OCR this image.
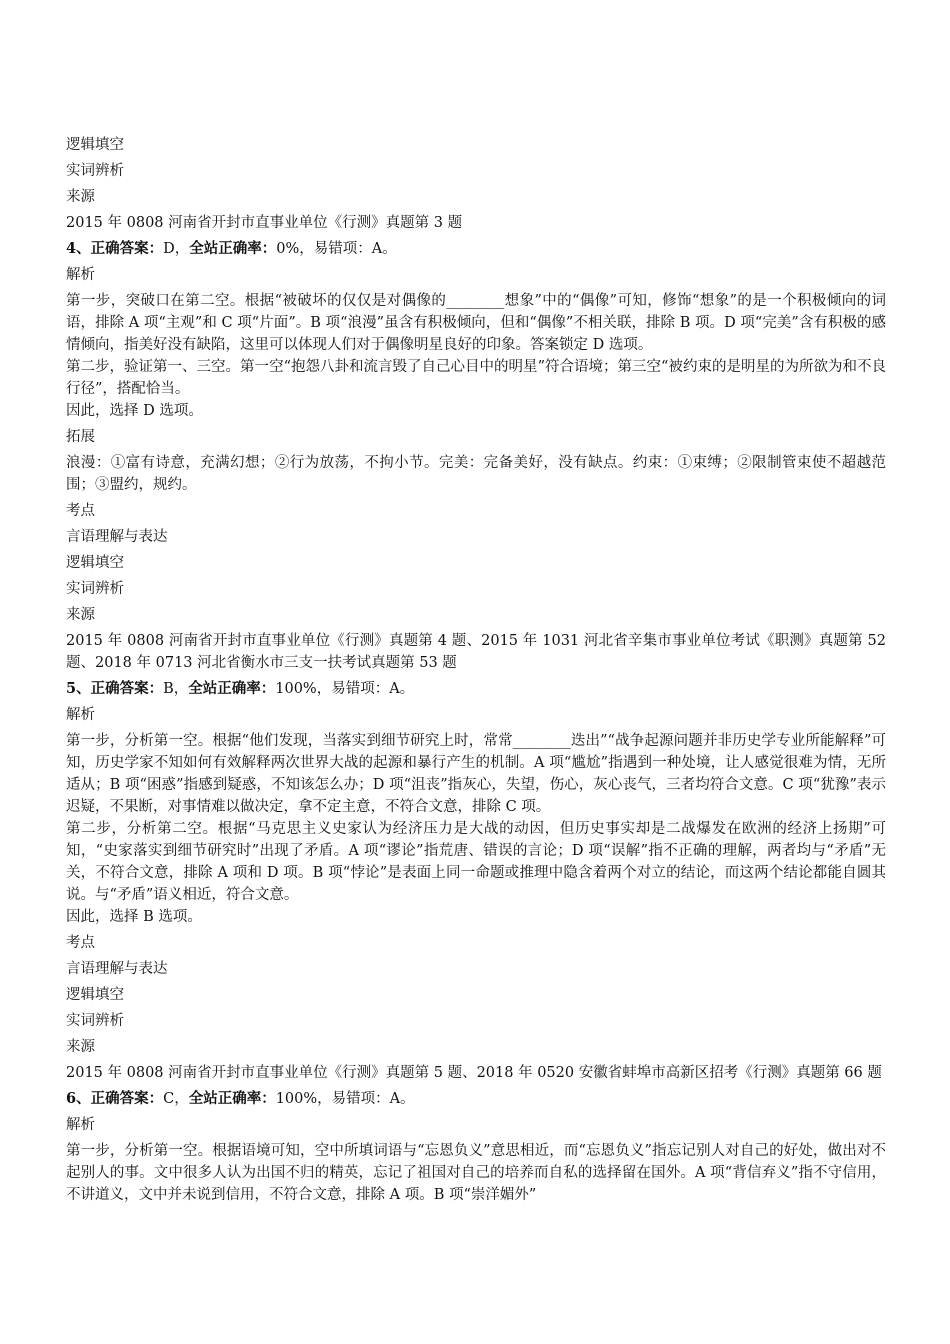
逻辑填空
实词辨析
来源
2015 年 0808 河南省开封市直事业单位《行测》真题第 3 题
4、正确答案：D，全站正确率：0%，易错项：A。
解析

第一步，突破口在第二空。根据“被破坏的仅仅是对偶像的________想象”中的“偶像”可知，修饰“想象”的是一个积极倾向的词语，排除 A 项“主观”和 C 项“片面”。B 项“浪漫”虽含有积极倾向，但和“偶像”不相关联，排除 B 项。D 项“完美”含有积极的感情倾向，指美好没有缺陷，这里可以体现人们对于偶像明星良好的印象。答案锁定 D 选项。

第二步，验证第一、三空。第一空“抱怨八卦和流言毁了自己心目中的明星”符合语境；第三空“被约束的是明星的为所欲为和不良行径”，搭配恰当。

因此，选择 D 选项。

拓展
浪漫：①富有诗意，充满幻想；②行为放荡，不拘小节。完美：完备美好，没有缺点。约束：①束缚；②限制管束使不超越范围；③盟约，规约。
考点
言语理解与表达
逻辑填空
实词辨析
来源
2015 年 0808 河南省开封市直事业单位《行测》真题第 4 题、2015 年 1031 河北省辛集市事业单位考试《职测》真题第 52 题、2018 年 0713 河北省衡水市三支一扶考试真题第 53 题
5、正确答案：B，全站正确率：100%，易错项：A。
解析

第一步，分析第一空。根据“他们发现，当落实到细节研究上时，常常________迭出”“战争起源问题并非历史学专业所能解释”可知，历史学家不知如何有效解释两次世界大战的起源和暴行产生的机制。A 项“尴尬”指遇到一种处境，让人感觉很难为情，无所适从；B 项“困惑”指感到疑惑，不知该怎么办；D 项“沮丧”指灰心，失望，伤心，灰心丧气，三者均符合文意。C 项“犹豫”表示迟疑，不果断，对事情难以做决定，拿不定主意，不符合文意，排除 C 项。

第二步，分析第二空。根据“马克思主义史家认为经济压力是大战的动因，但历史事实却是二战爆发在欧洲的经济上扬期”可知，“史家落实到细节研究时”出现了矛盾。A 项“谬论”指荒唐、错误的言论；D 项“误解”指不正确的理解，两者均与“矛盾”无关，不符合文意，排除 A 项和 D 项。B 项“悖论”是表面上同一命题或推理中隐含着两个对立的结论，而这两个结论都能自圆其说。与“矛盾”语义相近，符合文意。

因此，选择 B 选项。

考点
言语理解与表达
逻辑填空
实词辨析
来源
2015 年 0808 河南省开封市直事业单位《行测》真题第 5 题、2018 年 0520 安徽省蚌埠市高新区招考《行测》真题第 66 题
6、正确答案：C，全站正确率：100%，易错项：A。
解析

第一步，分析第一空。根据语境可知，空中所填词语与“忘恩负义”意思相近，而“忘恩负义”指忘记别人对自己的好处，做出对不起别人的事。文中很多人认为出国不归的精英，忘记了祖国对自己的培养而自私的选择留在国外。A 项“背信弃义”指不守信用，不讲道义，文中并未说到信用，不符合文意，排除 A 项。B 项“崇洋媚外”
